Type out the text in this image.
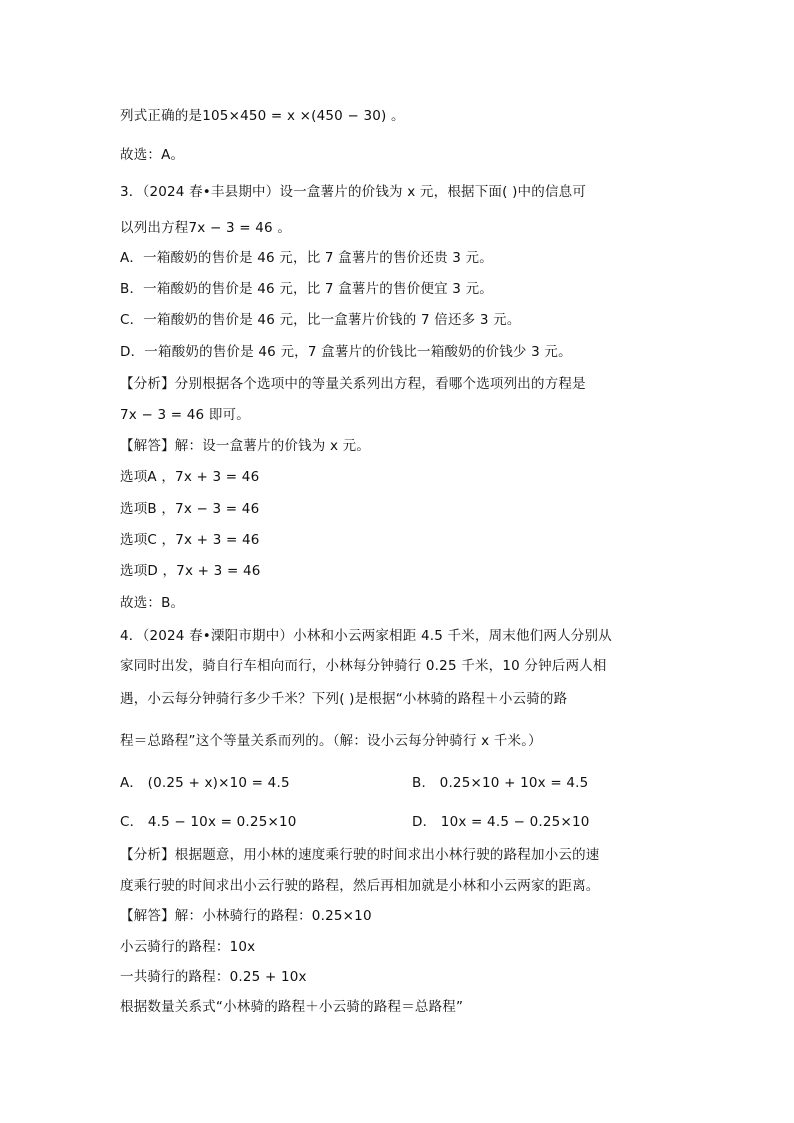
列式正确的是105×450 = x ×(450 − 30) 。
故选：A。
3．（2024 春•丰县期中）设一盒薯片的价钱为 x 元，根据下面( )中的信息可
以列出方程7x − 3 = 46 。
A．一箱酸奶的售价是 46 元，比 7 盒薯片的售价还贵 3 元。
B．一箱酸奶的售价是 46 元，比 7 盒薯片的售价便宜 3 元。
C．一箱酸奶的售价是 46 元，比一盒薯片价钱的 7 倍还多 3 元。
D．一箱酸奶的售价是 46 元，7 盒薯片的价钱比一箱酸奶的价钱少 3 元。
【分析】分别根据各个选项中的等量关系列出方程，看哪个选项列出的方程是
7x − 3 = 46 即可。
【解答】解：设一盒薯片的价钱为 x 元。
选项A ，7x + 3 = 46
选项B ，7x − 3 = 46
选项C ，7x + 3 = 46
选项D ，7x + 3 = 46
故选：B。
4．（2024 春•溧阳市期中）小林和小云两家相距 4.5 千米，周末他们两人分别从
家同时出发，骑自行车相向而行，小林每分钟骑行 0.25 千米，10 分钟后两人相
遇，小云每分钟骑行多少千米？下列( )是根据“小林骑的路程＋小云骑的路
程＝总路程”这个等量关系而列的。（解：设小云每分钟骑行 x 千米。）
A． (0.25 + x)×10 = 4.5	B． 0.25×10 + 10x = 4.5
C． 4.5 − 10x = 0.25×10	D． 10x = 4.5 − 0.25×10
【分析】根据题意，用小林的速度乘行驶的时间求出小林行驶的路程加小云的速
度乘行驶的时间求出小云行驶的路程，然后再相加就是小林和小云两家的距离。
【解答】解：小林骑行的路程：0.25×10
小云骑行的路程：10x
一共骑行的路程：0.25 + 10x
根据数量关系式“小林骑的路程＋小云骑的路程＝总路程”
